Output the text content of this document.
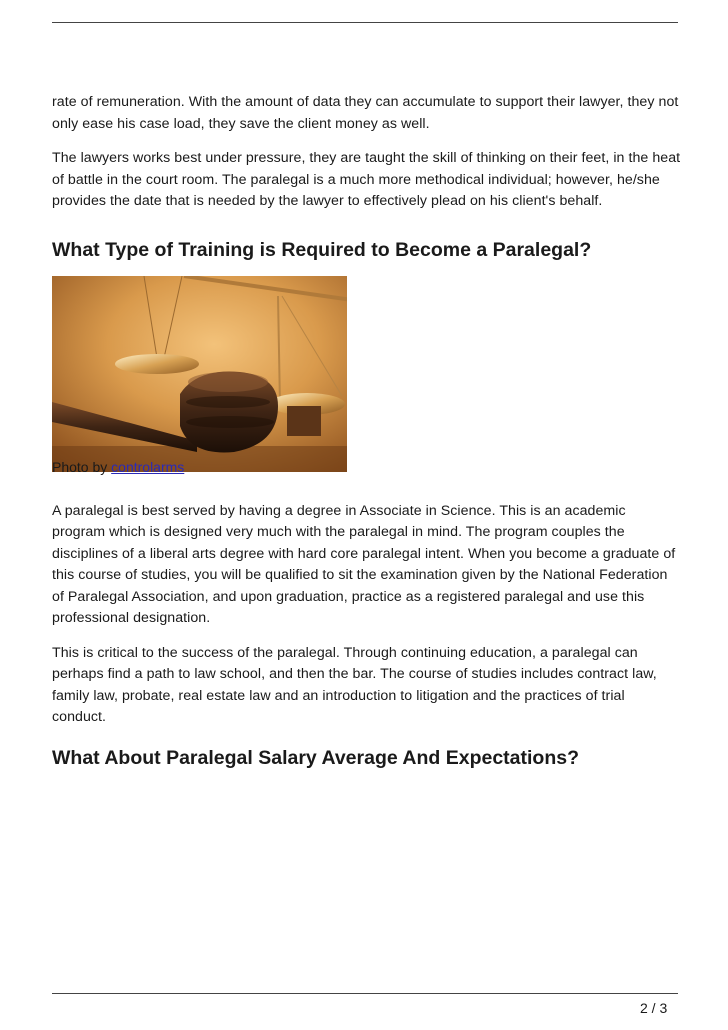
rate of remuneration. With the amount of data they can accumulate to support their lawyer, they not only ease his case load, they save the client money as well.

The lawyers works best under pressure, they are taught the skill of thinking on their feet, in the heat of battle in the court room. The paralegal is a much more methodical individual; however, he/she provides the date that is needed by the lawyer to effectively plead on his client's behalf.

What Type of Training is Required to Become a Paralegal?
Photo by controlarms

A paralegal is best served by having a degree in Associate in Science. This is an academic program which is designed very much with the paralegal in mind. The program couples the disciplines of a liberal arts degree with hard core paralegal intent. When you become a graduate of this course of studies, you will be qualified to sit the examination given by the National Federation of Paralegal Association, and upon graduation, practice as a registered paralegal and use this professional designation.

This is critical to the success of the paralegal. Through continuing education, a paralegal can perhaps find a path to law school, and then the bar. The course of studies includes contract law, family law, probate, real estate law and an introduction to litigation and the practices of trial conduct.

What About Paralegal Salary Average And Expectations?
2 / 3
